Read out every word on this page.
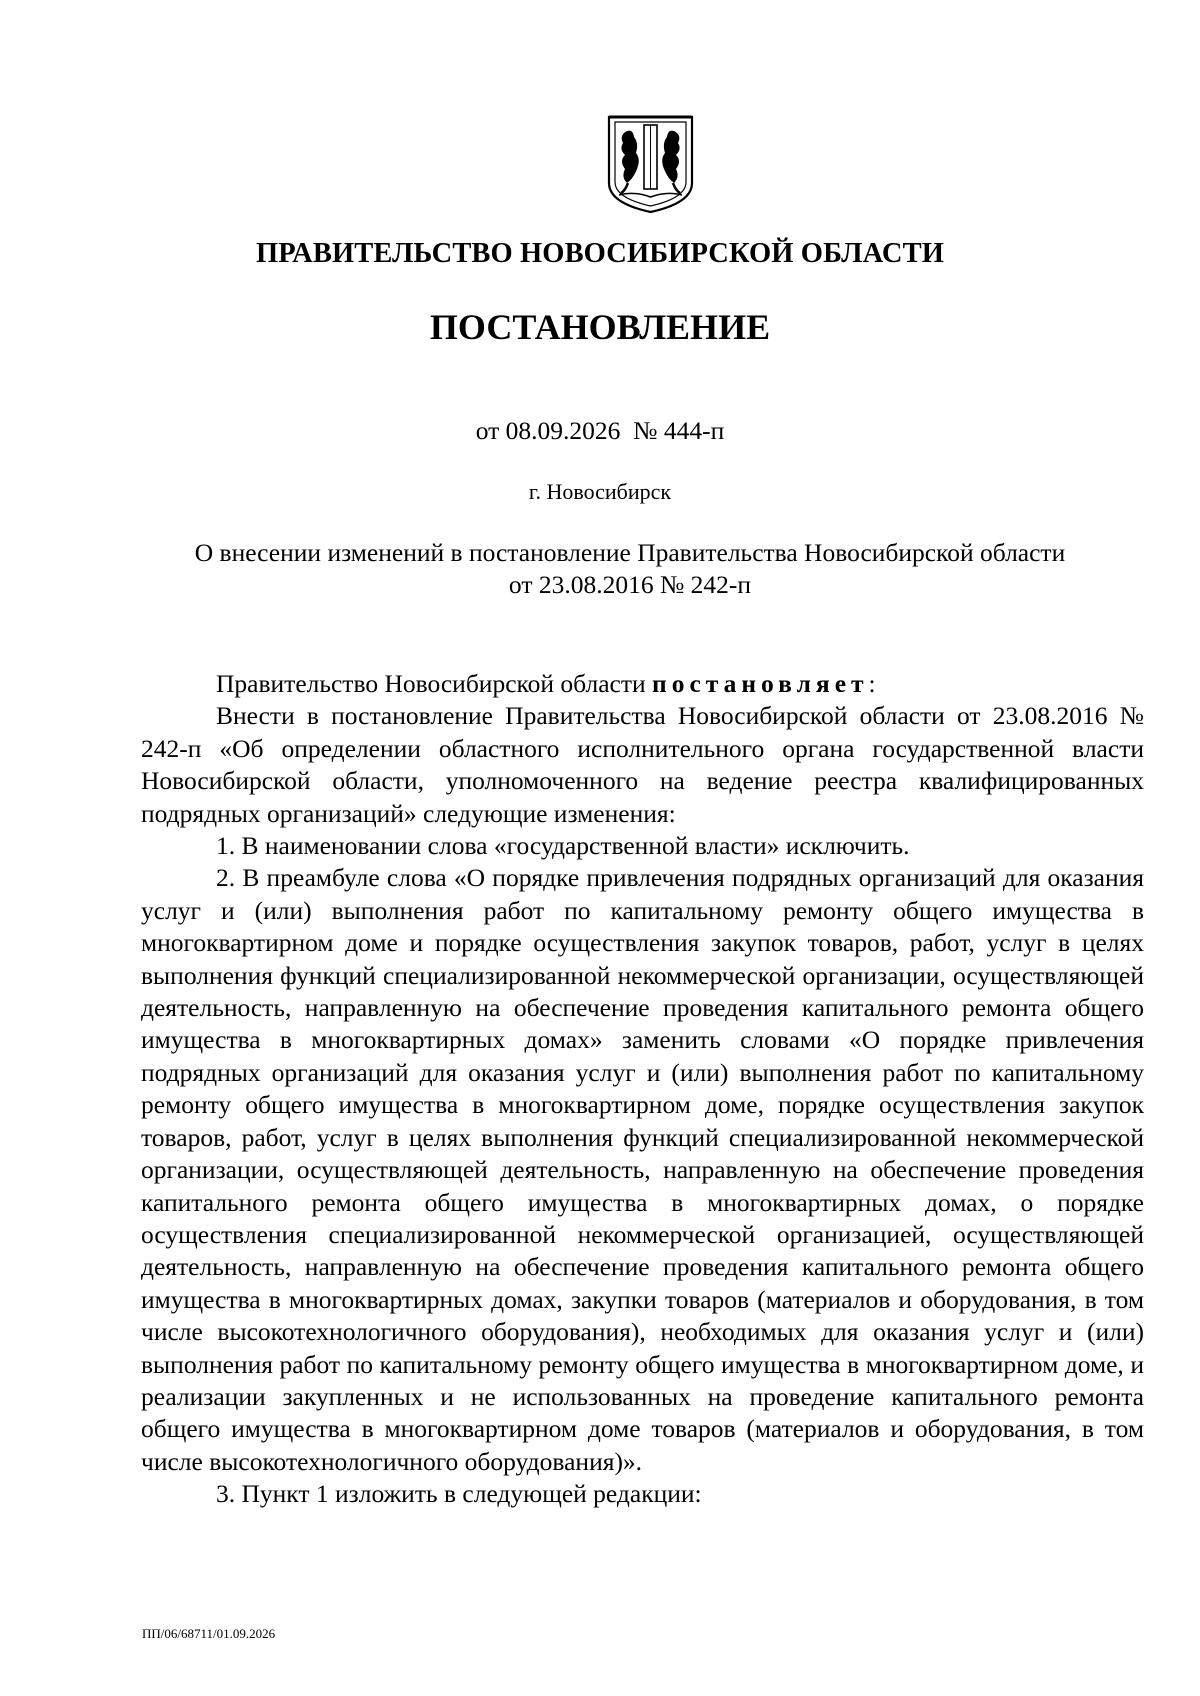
ПРАВИТЕЛЬСТВО НОВОСИБИРСКОЙ ОБЛАСТИ
ПОСТАНОВЛЕНИЕ
от 08.09.2026  № 444-п
г. Новосибирск
О внесении изменений в постановление Правительства Новосибирской области
от 23.08.2016 № 242-п

Правительство Новосибирской области постановляет:

Внести в постановление Правительства Новосибирской области от 23.08.2016 № 242-п «Об определении областного исполнительного органа государственной власти Новосибирской области, уполномоченного на ведение реестра квалифицированных подрядных организаций» следующие изменения:

1. В наименовании слова «государственной власти» исключить.

2. В преамбуле слова «О порядке привлечения подрядных организаций для оказания услуг и (или) выполнения работ по капитальному ремонту общего имущества в многоквартирном доме и порядке осуществления закупок товаров, работ, услуг в целях выполнения функций специализированной некоммерческой организации, осуществляющей деятельность, направленную на обеспечение проведения капитального ремонта общего имущества в многоквартирных домах» заменить словами «О порядке привлечения подрядных организаций для оказания услуг и (или) выполнения работ по капитальному ремонту общего имущества в многоквартирном доме, порядке осуществления закупок товаров, работ, услуг в целях выполнения функций специализированной некоммерческой организации, осуществляющей деятельность, направленную на обеспечение проведения капитального ремонта общего имущества в многоквартирных домах, о порядке осуществления специализированной некоммерческой организацией, осуществляющей деятельность, направленную на обеспечение проведения капитального ремонта общего имущества в многоквартирных домах, закупки товаров (материалов и оборудования, в том числе высокотехнологичного оборудования), необходимых для оказания услуг и (или) выполнения работ по капитальному ремонту общего имущества в многоквартирном доме, и реализации закупленных и не использованных на проведение капитального ремонта общего имущества в многоквартирном доме товаров (материалов и оборудования, в том числе высокотехнологичного оборудования)».

3. Пункт 1 изложить в следующей редакции:

ПП/06/68711/01.09.2026
